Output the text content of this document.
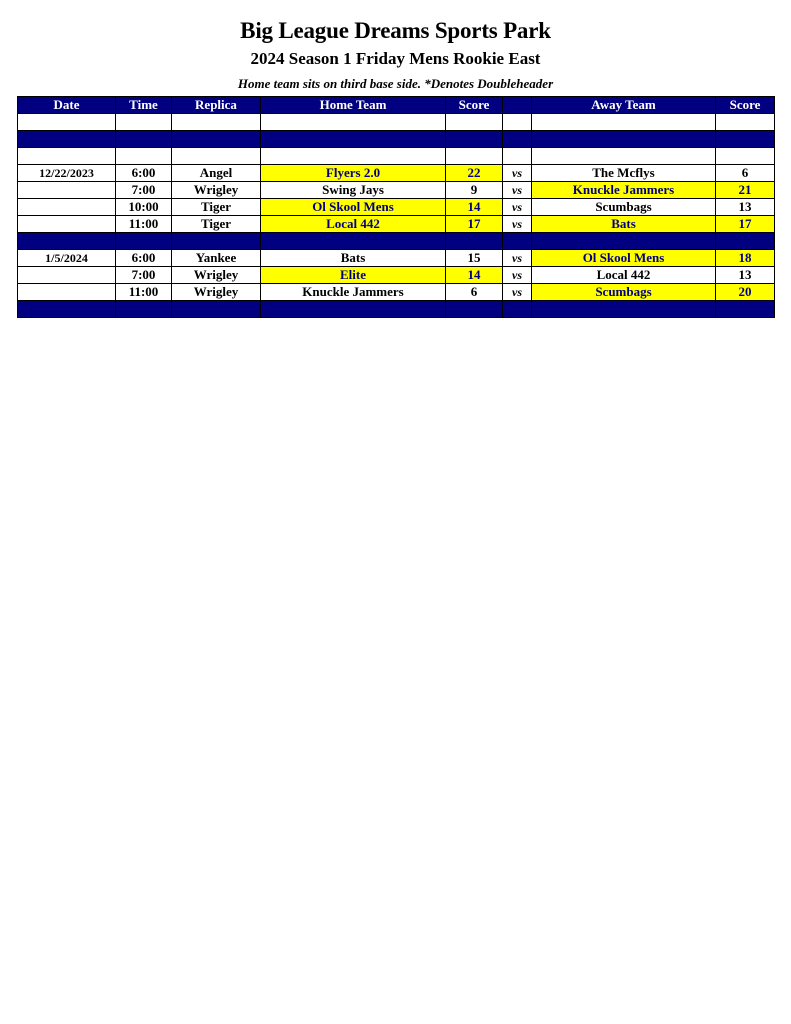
Big League Dreams Sports Park
2024 Season 1 Friday Mens Rookie East
Home team sits on third base side. *Denotes Doubleheader
Date	Time	Replica	Home Team	Score		Away Team	Score

12/22/2023	6:00	Angel	Flyers 2.0	22	vs	The Mcflys	6
	7:00	Wrigley	Swing Jays	9	vs	Knuckle Jammers	21
	10:00	Tiger	Ol Skool Mens	14	vs	Scumbags	13
	11:00	Tiger	Local 442	17	vs	Bats	17

1/5/2024	6:00	Yankee	Bats	15	vs	Ol Skool Mens	18
	7:00	Wrigley	Elite	14	vs	Local 442	13
	11:00	Wrigley	Knuckle Jammers	6	vs	Scumbags	20
